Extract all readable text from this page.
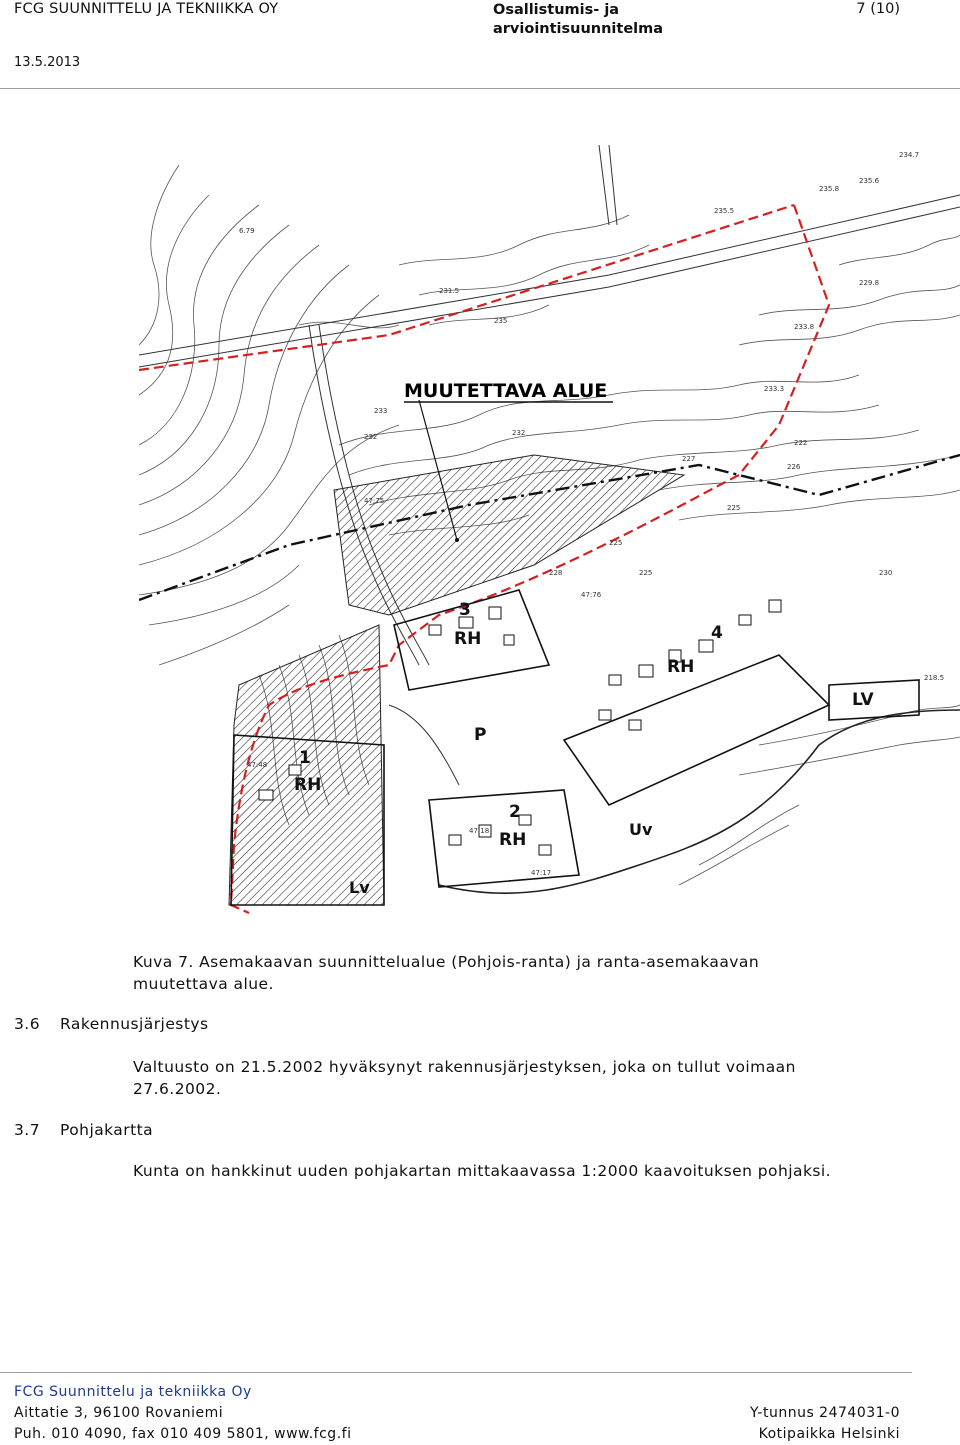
FCG SUUNNITTELU JA TEKNIIKKA OY	Osallistumis- ja
arviointisuunnitelma
7 (10)
13.5.2013
MUUTETTAVA ALUE
3
RH	4
RH
1
RH
2
RH
P
LV
Lv
Uv
234.7
235.6
235.8
235.5
6.79
231.5
235
233.8
233.3
233
232	232
227
225
222
226
225	230
218.5
228
225
47:76
47:18
47:17
47:48
47:75
229.8
Kuva 7. Asemakaavan suunnittelualue (Pohjois-ranta) ja ranta-asemakaavan
muutettava alue.
3.6 Rakennusjärjestys
Valtuusto on 21.5.2002 hyväksynyt rakennusjärjestyksen, joka on tullut voimaan
27.6.2002.
3.7 Pohjakartta
Kunta on hankkinut uuden pohjakartan mittakaavassa 1:2000 kaavoituksen pohjaksi.
FCG Suunnittelu ja tekniikka Oy
Aittatie 3, 96100 Rovaniemi
Puh. 010 4090, fax 010 409 5801, www.fcg.fi
Y-tunnus 2474031-0
Kotipaikka Helsinki
